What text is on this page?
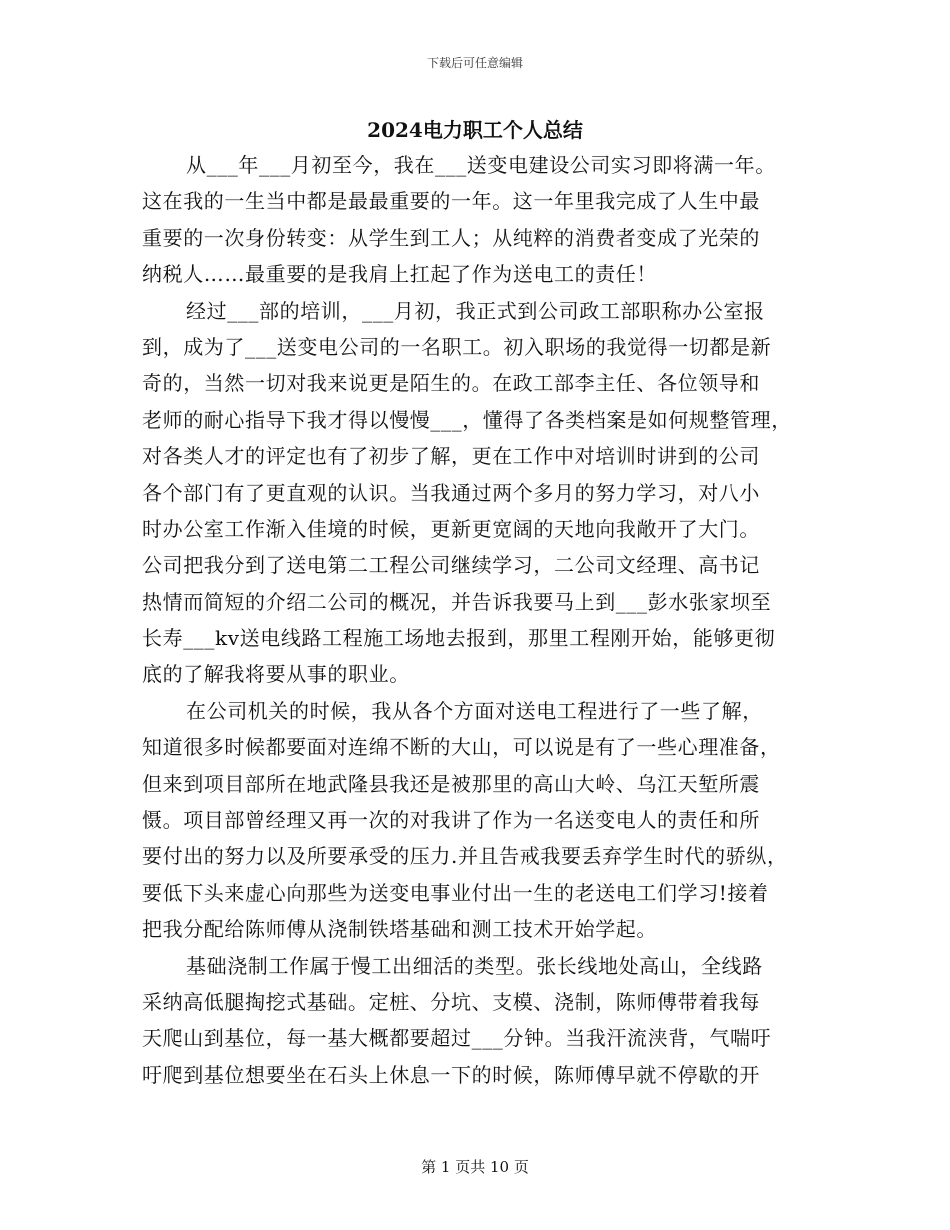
下载后可任意编辑
2024电力职工个人总结
从___年___月初至今，我在___送变电建设公司实习即将满一年。
这在我的一生当中都是最最重要的一年。这一年里我完成了人生中最
重要的一次身份转变：从学生到工人；从纯粹的消费者变成了光荣的
纳税人……最重要的是我肩上扛起了作为送电工的责任！
经过___部的培训，___月初，我正式到公司政工部职称办公室报
到，成为了___送变电公司的一名职工。初入职场的我觉得一切都是新
奇的，当然一切对我来说更是陌生的。在政工部李主任、各位领导和
老师的耐心指导下我才得以慢慢___，懂得了各类档案是如何规整管理，
对各类人才的评定也有了初步了解，更在工作中对培训时讲到的公司
各个部门有了更直观的认识。当我通过两个多月的努力学习，对八小
时办公室工作渐入佳境的时候，更新更宽阔的天地向我敞开了大门。
公司把我分到了送电第二工程公司继续学习，二公司文经理、高书记
热情而简短的介绍二公司的概况，并告诉我要马上到___彭水张家坝至
长寿___kv送电线路工程施工场地去报到，那里工程刚开始，能够更彻
底的了解我将要从事的职业。
在公司机关的时候，我从各个方面对送电工程进行了一些了解，
知道很多时候都要面对连绵不断的大山，可以说是有了一些心理准备，
但来到项目部所在地武隆县我还是被那里的高山大岭、乌江天堑所震
慑。项目部曾经理又再一次的对我讲了作为一名送变电人的责任和所
要付出的努力以及所要承受的压力.并且告戒我要丢弃学生时代的骄纵，
要低下头来虚心向那些为送变电事业付出一生的老送电工们学习!接着
把我分配给陈师傅从浇制铁塔基础和测工技术开始学起。
基础浇制工作属于慢工出细活的类型。张长线地处高山，全线路
采纳高低腿掏挖式基础。定桩、分坑、支模、浇制，陈师傅带着我每
天爬山到基位，每一基大概都要超过___分钟。当我汗流浃背，气喘吁
吁爬到基位想要坐在石头上休息一下的时候，陈师傅早就不停歇的开
第 1 页共 10 页
